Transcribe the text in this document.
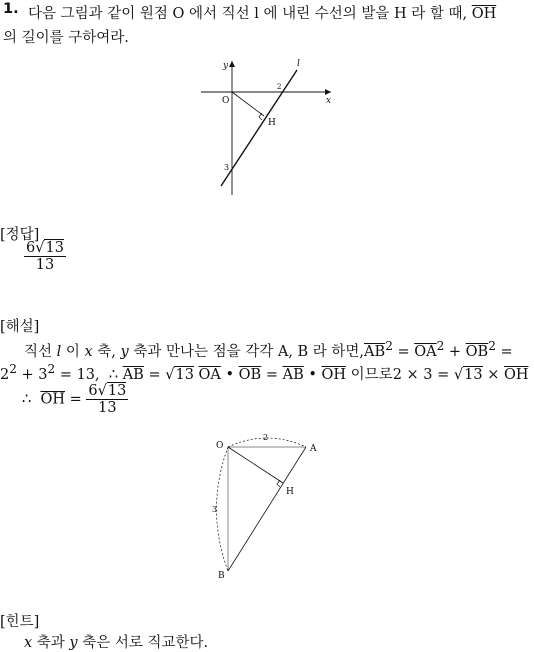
1. 다음 그림과 같이 원점 O 에서 직선 l 에 내린 수선의 발을 H 라 할 때, $\overline{OH}$
의 길이를 구하여라.
l
y
x
O
2
H
3
O
2
A
H
3
B
[정답]
$\frac{6√13}{13}$
[해설]
직선 l 이 x 축, y 축과 만나는 점을 각각 A, B 라 하면$,\overline{AB}^2 = \overline{OA}^2 + \overline{OB}^2$ =
$2^2 + 3^2 = 13$, ∴ $\overline{AB} = √13$ $\overline{OA}$ • $\overline{OB} = \overline{AB}$ • $\overline{OH}$ 이므로$2 \times 3 = √13 \times \overline{OH}$
∴ $\overline{OH} = \frac{6√13}{13}$
[힌트]
x 축과 y 축은 서로 직교한다.
